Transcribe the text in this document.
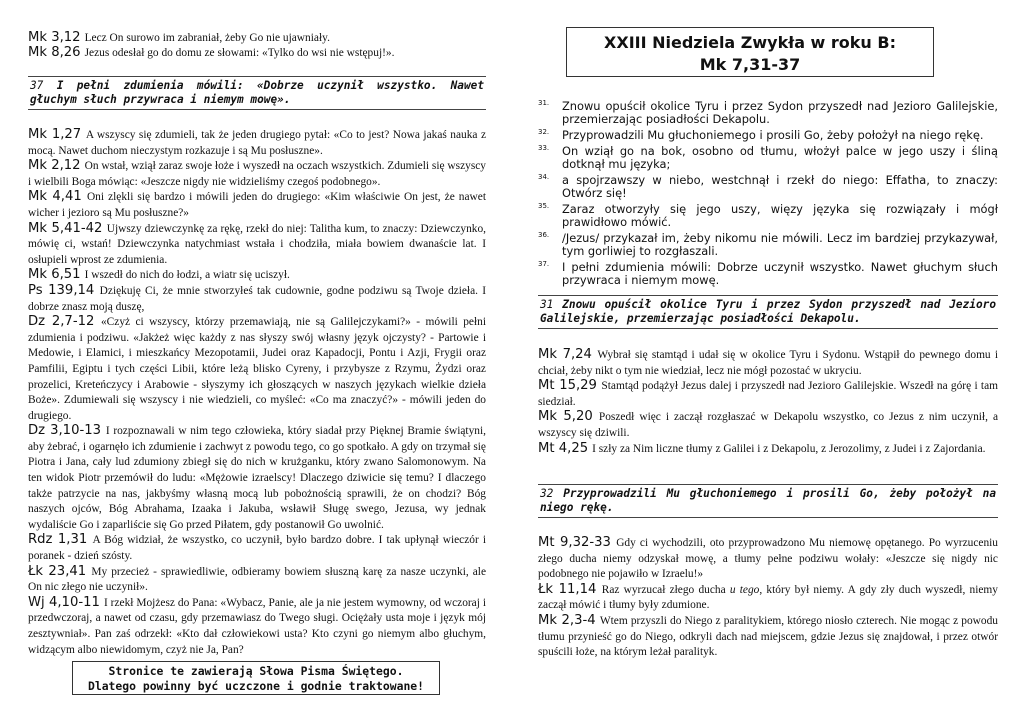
Mk 3,12 Lecz On surowo im zabraniał, żeby Go nie ujawniały.
Mk 8,26 Jezus odesłał go do domu ze słowami: «Tylko do wsi nie wstępuj!».
37 I pełni zdumienia mówili: «Dobrze uczynił wszystko. Nawet głuchym słuch przywraca i niemym mowę».

Mk 1,27 A wszyscy się zdumieli, tak że jeden drugiego pytał: «Co to jest? Nowa jakaś nauka z mocą. Nawet duchom nieczystym rozkazuje i są Mu posłuszne».

Mk 2,12 On wstał, wziął zaraz swoje łoże i wyszedł na oczach wszystkich. Zdumieli się wszyscy i wielbili Boga mówiąc: «Jeszcze nigdy nie widzieliśmy czegoś podobnego».

Mk 4,41 Oni zlękli się bardzo i mówili jeden do drugiego: «Kim właściwie On jest, że nawet wicher i jezioro są Mu posłuszne?»

Mk 5,41-42 Ujwszy dziewczynkę za rękę, rzekł do niej: Talitha kum, to znaczy: Dziewczynko, mówię ci, wstań! Dziewczynka natychmiast wstała i chodziła, miała bowiem dwanaście lat. I osłupieli wprost ze zdumienia.

Mk 6,51 I wszedł do nich do łodzi, a wiatr się uciszył.

Ps 139,14 Dziękuję Ci, że mnie stworzyłeś tak cudownie, godne podziwu są Twoje dzieła. I dobrze znasz moją duszę,

Dz 2,7-12 «Czyż ci wszyscy, którzy przemawiają, nie są Galilejczykami?» - mówili pełni zdumienia i podziwu. «Jakżeż więc każdy z nas słyszy swój własny język ojczysty? - Partowie i Medowie, i Elamici, i mieszkańcy Mezopotamii, Judei oraz Kapadocji, Pontu i Azji, Frygii oraz Pamfilii, Egiptu i tych części Libii, które leżą blisko Cyreny, i przybysze z Rzymu, Żydzi oraz prozelici, Kreteńczycy i Arabowie - słyszymy ich głoszących w naszych językach wielkie dzieła Boże». Zdumiewali się wszyscy i nie wiedzieli, co myśleć: «Co ma znaczyć?» - mówili jeden do drugiego.

Dz 3,10-13 I rozpoznawali w nim tego człowieka, który siadał przy Pięknej Bramie świątyni, aby żebrać, i ogarnęło ich zdumienie i zachwyt z powodu tego, co go spotkało. A gdy on trzymał się Piotra i Jana, cały lud zdumiony zbiegł się do nich w krużganku, który zwano Salomonowym. Na ten widok Piotr przemówił do ludu: «Mężowie izraelscy! Dlaczego dziwicie się temu? I dlaczego także patrzycie na nas, jakbyśmy własną mocą lub pobożnością sprawili, że on chodzi? Bóg naszych ojców, Bóg Abrahama, Izaaka i Jakuba, wsławił Sługę swego, Jezusa, wy jednak wydaliście Go i zaparliście się Go przed Piłatem, gdy postanowił Go uwolnić.

Rdz 1,31 A Bóg widział, że wszystko, co uczynił, było bardzo dobre. I tak upłynął wieczór i poranek - dzień szósty.

Łk 23,41 My przecież - sprawiedliwie, odbieramy bowiem słuszną karę za nasze uczynki, ale On nic złego nie uczynił».

Wj 4,10-11 I rzekł Mojżesz do Pana: «Wybacz, Panie, ale ja nie jestem wymowny, od wczoraj i przedwczoraj, a nawet od czasu, gdy przemawiasz do Twego sługi. Ociężały usta moje i język mój zesztywniał». Pan zaś odrzekł: «Kto dał człowiekowi usta? Kto czyni go niemym albo głuchym, widzącym albo niewidomym, czyż nie Ja, Pan?

Stronice te zawierają Słowa Pisma Świętego.
Dlatego powinny być uczczone i godnie traktowane!
XXIII Niedziela Zwykła w roku B:
Mk 7,31-37

31. Znowu opuścił okolice Tyru i przez Sydon przyszedł nad Jezioro Galilejskie, przemierzając posiadłości Dekapolu.

32. Przyprowadzili Mu głuchoniemego i prosili Go, żeby położył na niego rękę.

33. On wziął go na bok, osobno od tłumu, włożył palce w jego uszy i śliną dotknął mu języka;

34. a spojrzawszy w niebo, westchnął i rzekł do niego: Effatha, to znaczy: Otwórz się!

35. Zaraz otworzyły się jego uszy, więzy języka się rozwiązały i mógł prawidłowo mówić.

36. /Jezus/ przykazał im, żeby nikomu nie mówili. Lecz im bardziej przykazywał, tym gorliwiej to rozgłaszali.

37. I pełni zdumienia mówili: Dobrze uczynił wszystko. Nawet głuchym słuch przywraca i niemym mowę.

31 Znowu opuścił okolice Tyru i przez Sydon przyszedł nad Jezioro Galilejskie, przemierzając posiadłości Dekapolu.

Mk 7,24 Wybrał się stamtąd i udał się w okolice Tyru i Sydonu. Wstąpił do pewnego domu i chciał, żeby nikt o tym nie wiedział, lecz nie mógł pozostać w ukryciu.

Mt 15,29 Stamtąd podążył Jezus dalej i przyszedł nad Jezioro Galilejskie. Wszedł na górę i tam siedział.

Mk 5,20 Poszedł więc i zaczął rozgłaszać w Dekapolu wszystko, co Jezus z nim uczynił, a wszyscy się dziwili.

Mt 4,25 I szły za Nim liczne tłumy z Galilei i z Dekapolu, z Jerozolimy, z Judei i z Zajordania.

32 Przyprowadzili Mu głuchoniemego i prosili Go, żeby położył na niego rękę.

Mt 9,32-33 Gdy ci wychodzili, oto przyprowadzono Mu niemowę opętanego. Po wyrzuceniu złego ducha niemy odzyskał mowę, a tłumy pełne podziwu wołały: «Jeszcze się nigdy nic podobnego nie pojawiło w Izraelu!»

Łk 11,14 Raz wyrzucał złego ducha u tego, który był niemy. A gdy zły duch wyszedł, niemy zaczął mówić i tłumy były zdumione.

Mk 2,3-4 Wtem przyszli do Niego z paralitykiem, którego niosło czterech. Nie mogąc z powodu tłumu przynieść go do Niego, odkryli dach nad miejscem, gdzie Jezus się znajdował, i przez otwór spuścili łoże, na którym leżał paralityk.
